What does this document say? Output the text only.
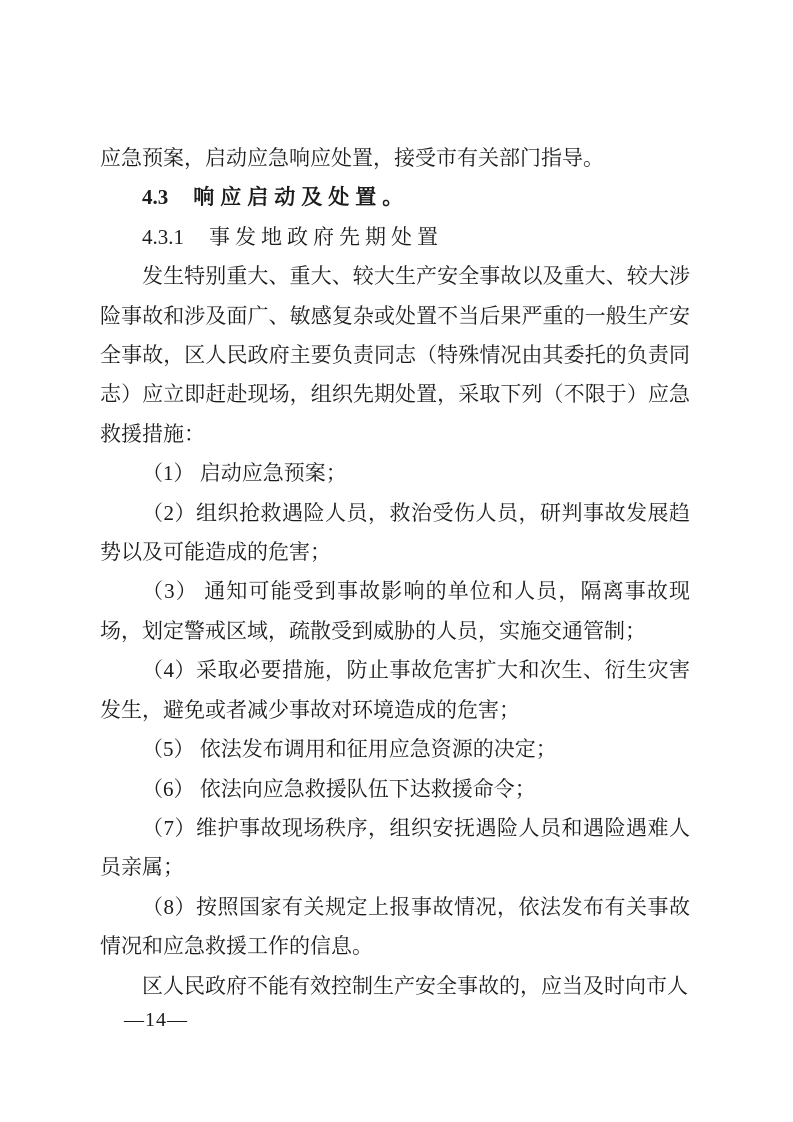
应急预案，启动应急响应处置，接受市有关部门指导。

4.3 响应启动及处置。

4.3.1 事发地政府先期处置

发生特别重大、重大、较大生产安全事故以及重大、较大涉险事故和涉及面广、敏感复杂或处置不当后果严重的一般生产安全事故，区人民政府主要负责同志（特殊情况由其委托的负责同志）应立即赶赴现场，组织先期处置，采取下列（不限于）应急救援措施：

（1） 启动应急预案；

（2）组织抢救遇险人员，救治受伤人员，研判事故发展趋势以及可能造成的危害；

（3） 通知可能受到事故影响的单位和人员，隔离事故现场，划定警戒区域，疏散受到威胁的人员，实施交通管制；

（4）采取必要措施，防止事故危害扩大和次生、衍生灾害发生，避免或者减少事故对环境造成的危害；

（5） 依法发布调用和征用应急资源的决定；

（6） 依法向应急救援队伍下达救援命令；

（7）维护事故现场秩序，组织安抚遇险人员和遇险遇难人员亲属；

（8）按照国家有关规定上报事故情况，依法发布有关事故情况和应急救援工作的信息。

区人民政府不能有效控制生产安全事故的，应当及时向市人

—14—
